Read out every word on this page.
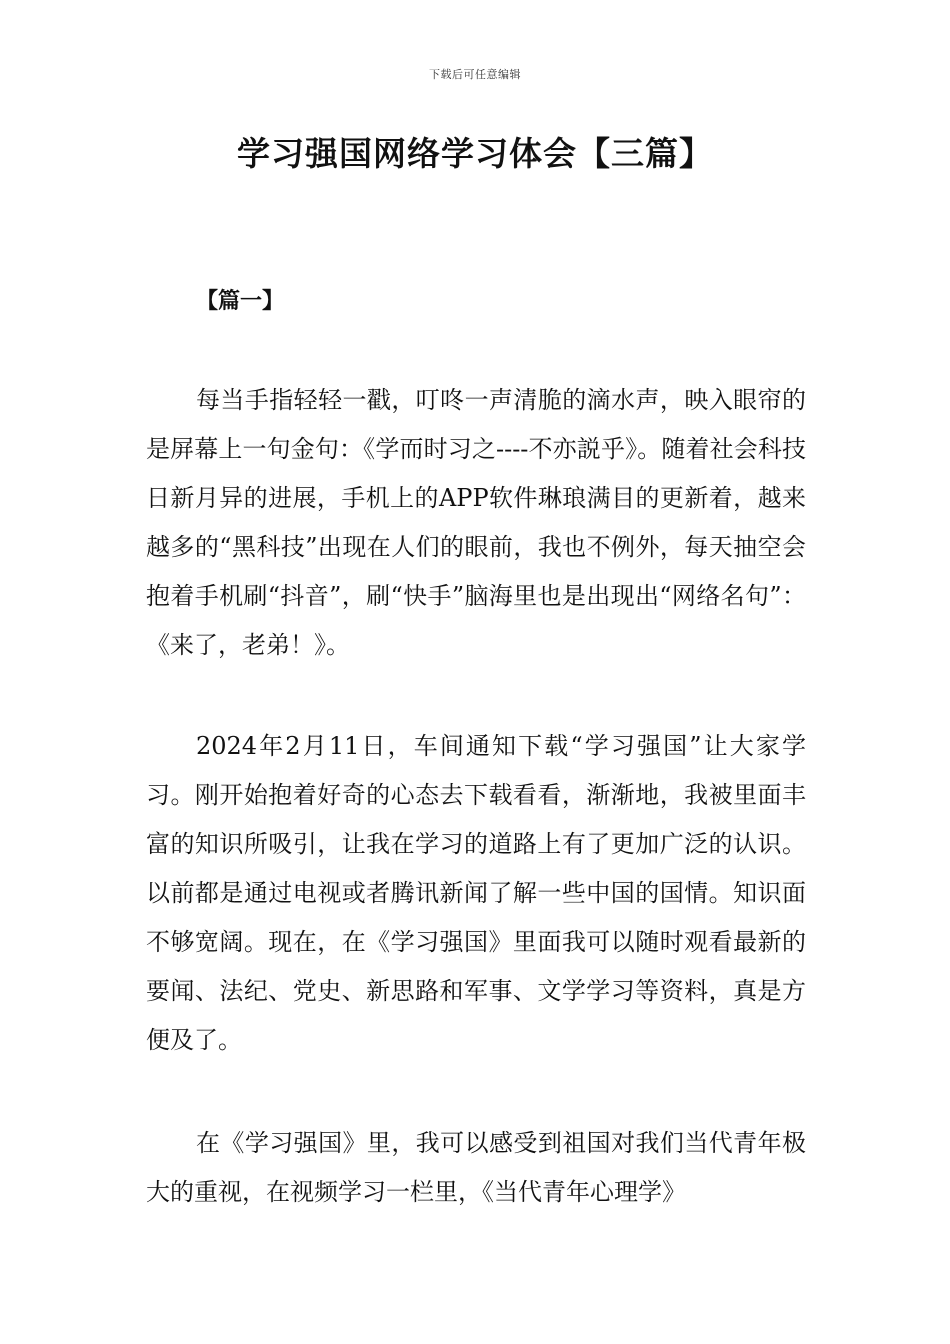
下载后可任意编辑
学习强国网络学习体会【三篇】
【篇一】

每当手指轻轻一戳，叮咚一声清脆的滴水声，映入眼帘的是屏幕上一句金句：《学而时习之----不亦説乎》。随着社会科技日新月异的进展，手机上的APP软件琳琅满目的更新着，越来越多的“黑科技”出现在人们的眼前，我也不例外，每天抽空会抱着手机刷“抖音”，刷“快手”脑海里也是出现出“网络名句”：《来了，老弟！》。

2024年2月11日，车间通知下载“学习强国”让大家学习。刚开始抱着好奇的心态去下载看看，渐渐地，我被里面丰富的知识所吸引，让我在学习的道路上有了更加广泛的认识。以前都是通过电视或者腾讯新闻了解一些中国的国情。知识面不够宽阔。现在，在《学习强国》里面我可以随时观看最新的要闻、法纪、党史、新思路和军事、文学学习等资料，真是方便及了。

在《学习强国》里，我可以感受到祖国对我们当代青年极大的重视，在视频学习一栏里，《当代青年心理学》
